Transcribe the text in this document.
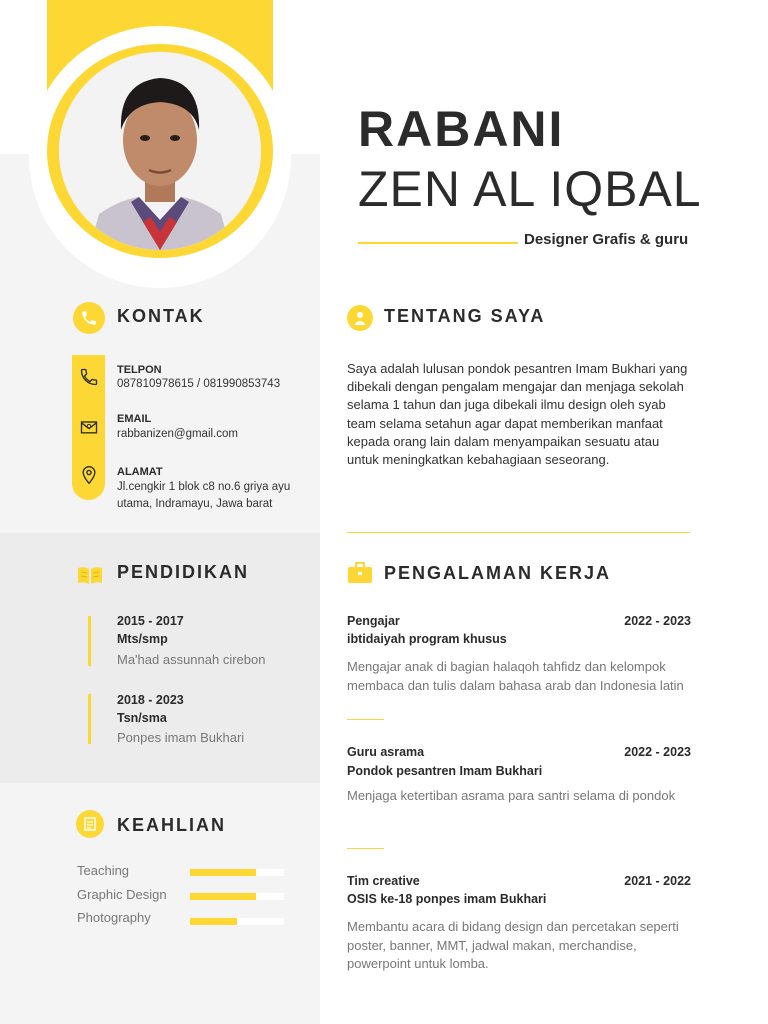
RABANI
ZEN AL IQBAL
Designer Grafis & guru
KONTAK
TELPON
087810978615 / 081990853743
EMAIL
rabbanizen@gmail.com
ALAMAT
Jl.cengkir 1 blok c8 no.6 griya ayu utama, Indramayu, Jawa barat
PENDIDIKAN
2015 - 2017
Mts/smp
Ma'had assunnah cirebon
2018 - 2023
Tsn/sma
Ponpes imam Bukhari
KEAHLIAN
Teaching
Graphic Design
Photography
TENTANG SAYA
Saya adalah lulusan pondok pesantren Imam Bukhari yang dibekali dengan pengalam mengajar dan menjaga sekolah selama 1 tahun dan juga dibekali ilmu design oleh syab team selama setahun agar dapat memberikan manfaat kepada orang lain dalam menyampaikan sesuatu atau untuk meningkatkan kebahagiaan seseorang.
PENGALAMAN KERJA
Pengajar	2022 - 2023
ibtidaiyah program khusus
Mengajar anak di bagian halaqoh tahfidz dan kelompok membaca dan tulis dalam bahasa arab dan Indonesia latin
Guru asrama	2022 - 2023
Pondok pesantren Imam Bukhari
Menjaga ketertiban asrama para santri selama di pondok
Tim creative	2021 - 2022
OSIS ke-18 ponpes imam Bukhari
Membantu acara di bidang design dan percetakan seperti poster, banner, MMT, jadwal makan, merchandise, powerpoint untuk lomba.
